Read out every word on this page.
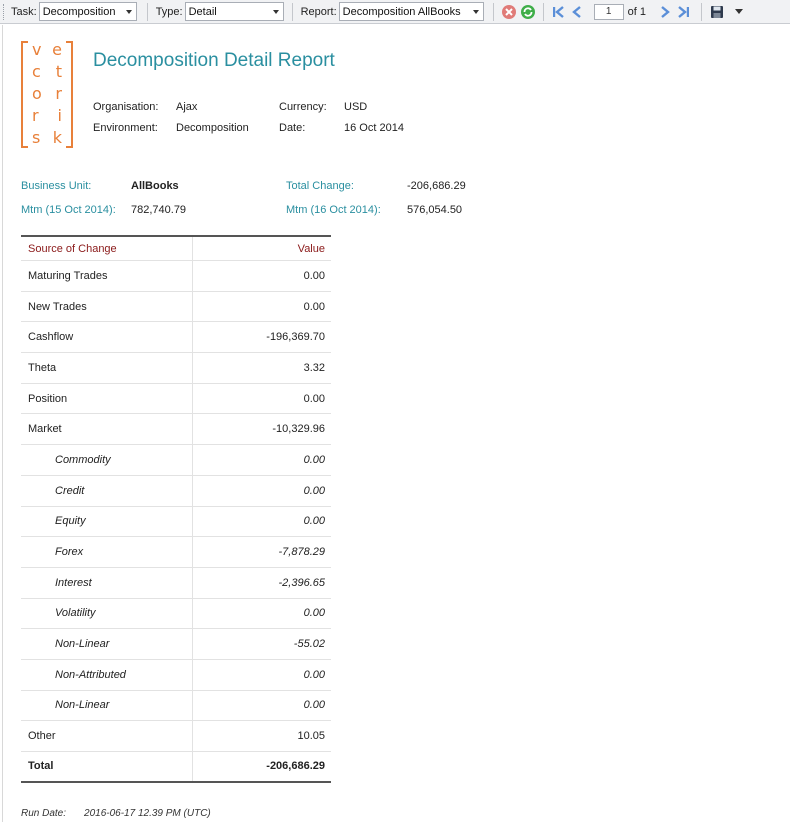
Task: Decomposition	Type: Detail	Report: Decomposition AllBooks	1	of 1
v e
c t
o r
r i
s k
Decomposition Detail Report
Organisation: Ajax	Currency: USD
Environment: Decomposition	Date:	16 Oct 2014
Business Unit:	AllBooks	Total Change:	-206,686.29
Mtm (15 Oct 2014): 782,740.79	Mtm (16 Oct 2014): 576,054.50
Source of Change	Value
Maturing Trades	0.00
New Trades	0.00
Cashflow	-196,369.70
Theta	3.32
Position	0.00
Market	-10,329.96
Commodity	0.00
Credit	0.00
Equity	0.00
Forex	-7,878.29
Interest	-2,396.65
Volatility	0.00
Non-Linear	-55.02
Non-Attributed	0.00
Non-Linear	0.00
Other	10.05
Total	-206,686.29
Run Date: 2016-06-17 12.39 PM (UTC)
